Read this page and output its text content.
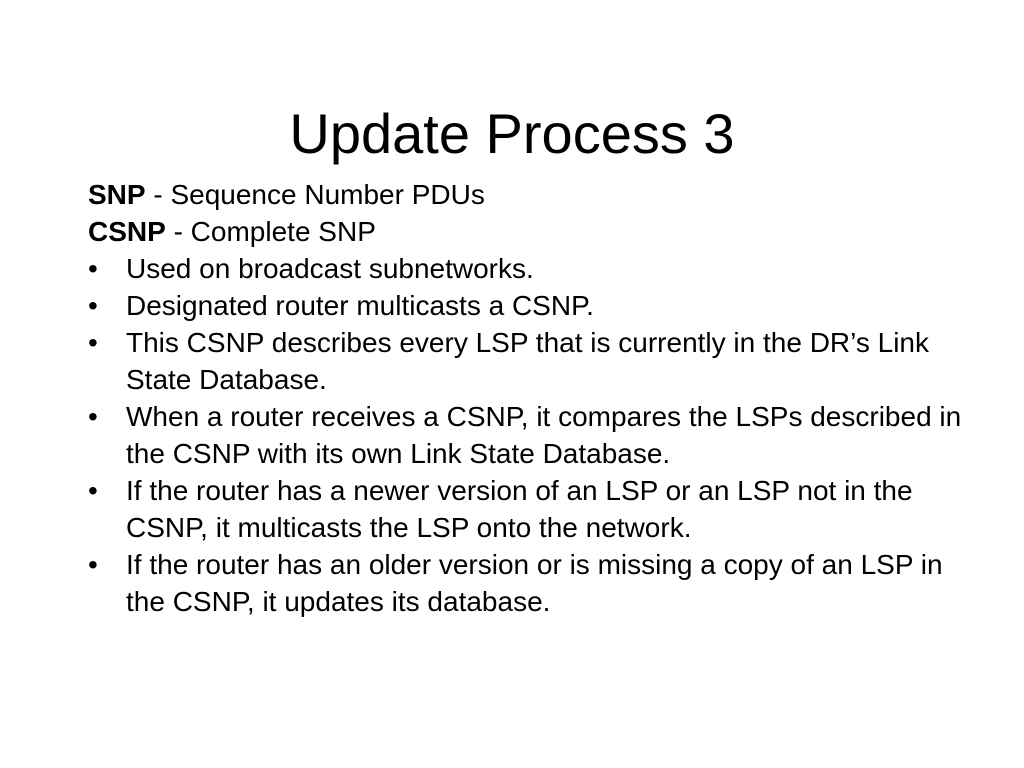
Update Process 3

SNP - Sequence Number PDUs

CSNP - Complete SNP

• Used on broadcast subnetworks.
• Designated router multicasts a CSNP.
• This CSNP describes every LSP that is currently in the DR’s Link State Database.
• When a router receives a CSNP, it compares the LSPs described in the CSNP with its own Link State Database.
• If the router has a newer version of an LSP or an LSP not in the CSNP, it multicasts the LSP onto the network.
• If the router has an older version or is missing a copy of an LSP in the CSNP, it updates its database.
